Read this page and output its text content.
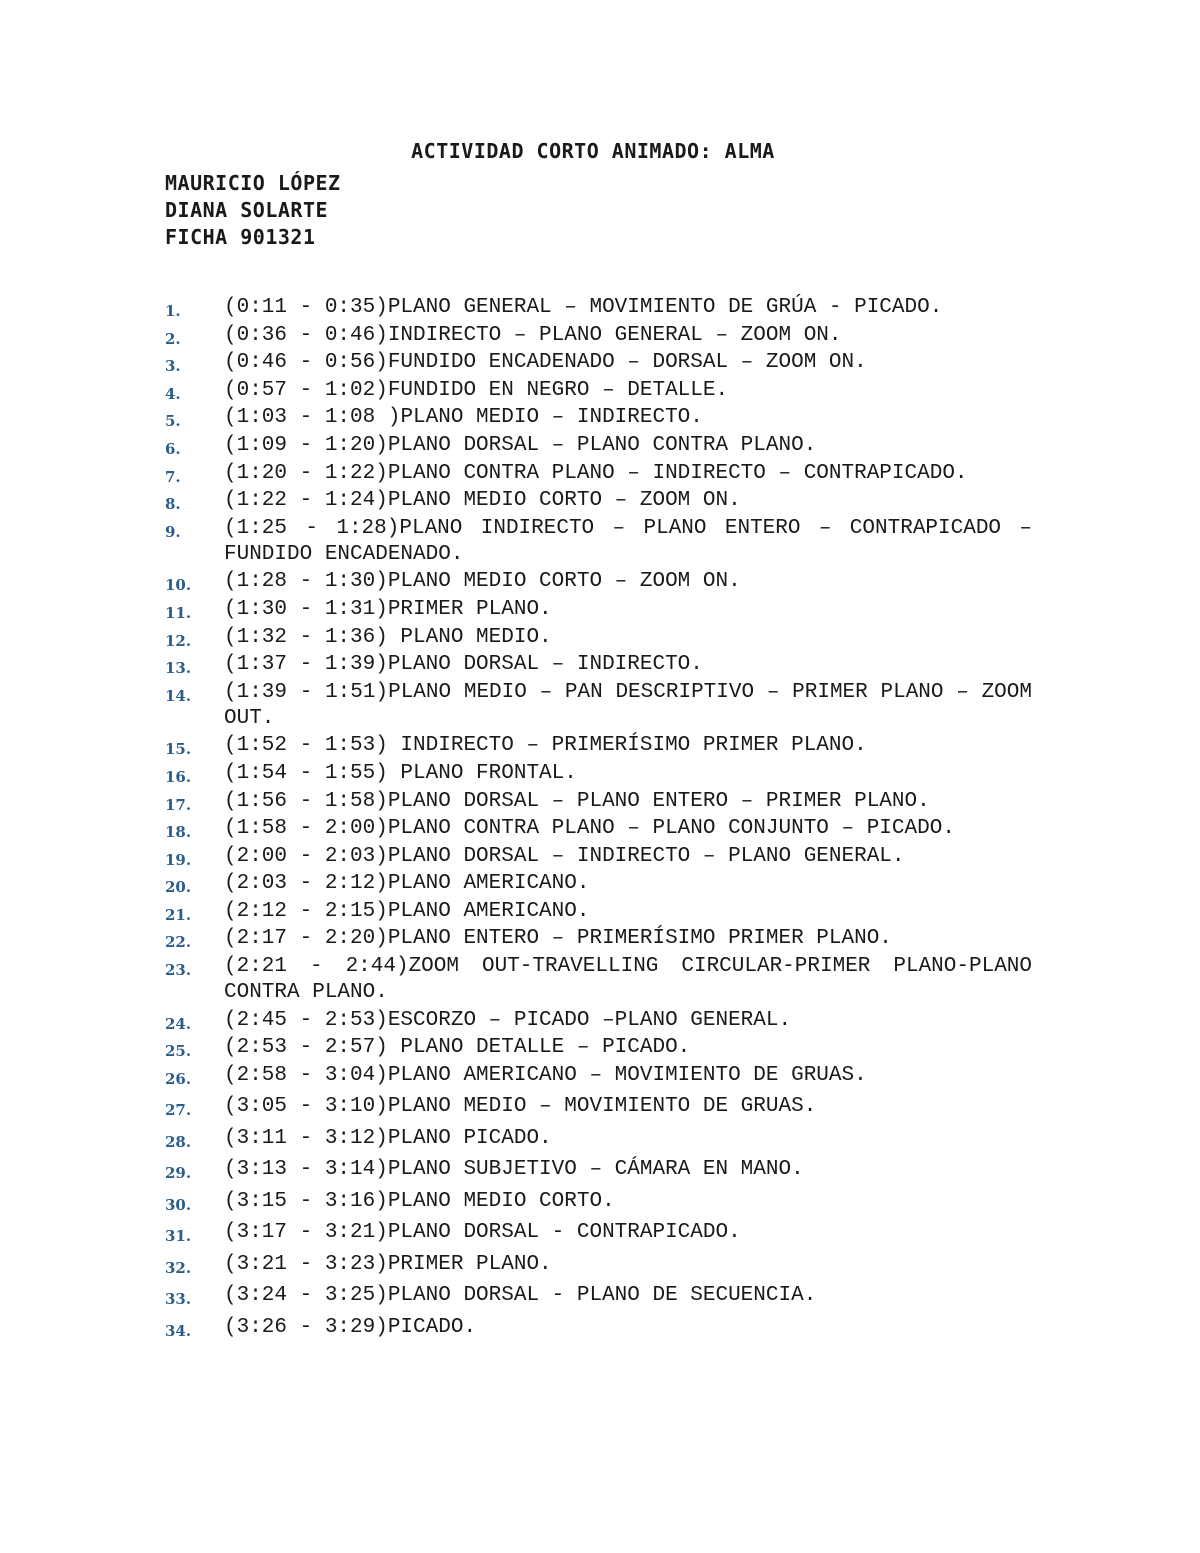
ACTIVIDAD CORTO ANIMADO: ALMA
MAURICIO LÓPEZ
DIANA SOLARTE
FICHA 901321
1.	(0:11 - 0:35)PLANO GENERAL – MOVIMIENTO DE GRÚA - PICADO.
2.	(0:36 - 0:46)INDIRECTO – PLANO GENERAL – ZOOM ON.
3.	(0:46 - 0:56)FUNDIDO ENCADENADO – DORSAL – ZOOM ON.
4.	(0:57 - 1:02)FUNDIDO EN NEGRO – DETALLE.
5.	(1:03 - 1:08 )PLANO MEDIO – INDIRECTO.
6.	(1:09 - 1:20)PLANO DORSAL – PLANO CONTRA PLANO.
7.	(1:20 - 1:22)PLANO CONTRA PLANO – INDIRECTO – CONTRAPICADO.
8.	(1:22 - 1:24)PLANO MEDIO CORTO – ZOOM ON.
9.	(1:25 - 1:28)PLANO INDIRECTO – PLANO ENTERO – CONTRAPICADO – FUNDIDO ENCADENADO.
10.	(1:28 - 1:30)PLANO MEDIO CORTO – ZOOM ON.
11.	(1:30 - 1:31)PRIMER PLANO.
12.	(1:32 - 1:36) PLANO MEDIO.
13.	(1:37 - 1:39)PLANO DORSAL – INDIRECTO.
14.	(1:39 - 1:51)PLANO MEDIO – PAN DESCRIPTIVO – PRIMER PLANO – ZOOM OUT.
15.	(1:52 - 1:53) INDIRECTO – PRIMERÍSIMO PRIMER PLANO.
16.	(1:54 - 1:55) PLANO FRONTAL.
17.	(1:56 - 1:58)PLANO DORSAL – PLANO ENTERO – PRIMER PLANO.
18.	(1:58 - 2:00)PLANO CONTRA PLANO – PLANO CONJUNTO – PICADO.
19.	(2:00 - 2:03)PLANO DORSAL – INDIRECTO – PLANO GENERAL.
20.	(2:03 - 2:12)PLANO AMERICANO.
21.	(2:12 - 2:15)PLANO AMERICANO.
22.	(2:17 - 2:20)PLANO ENTERO – PRIMERÍSIMO PRIMER PLANO.
23.	(2:21 - 2:44)ZOOM OUT-TRAVELLING CIRCULAR-PRIMER PLANO-PLANO CONTRA PLANO.
24.	(2:45 - 2:53)ESCORZO – PICADO –PLANO GENERAL.
25.	(2:53 - 2:57) PLANO DETALLE – PICADO.
26.	(2:58 - 3:04)PLANO AMERICANO – MOVIMIENTO DE GRUAS.
27.	(3:05 - 3:10)PLANO MEDIO – MOVIMIENTO DE GRUAS.
28.	(3:11 - 3:12)PLANO PICADO.
29.	(3:13 - 3:14)PLANO SUBJETIVO – CÁMARA EN MANO.
30.	(3:15 - 3:16)PLANO MEDIO CORTO.
31.	(3:17 - 3:21)PLANO DORSAL - CONTRAPICADO.
32.	(3:21 - 3:23)PRIMER PLANO.
33.	(3:24 - 3:25)PLANO DORSAL - PLANO DE SECUENCIA.
34.	(3:26 - 3:29)PICADO.
